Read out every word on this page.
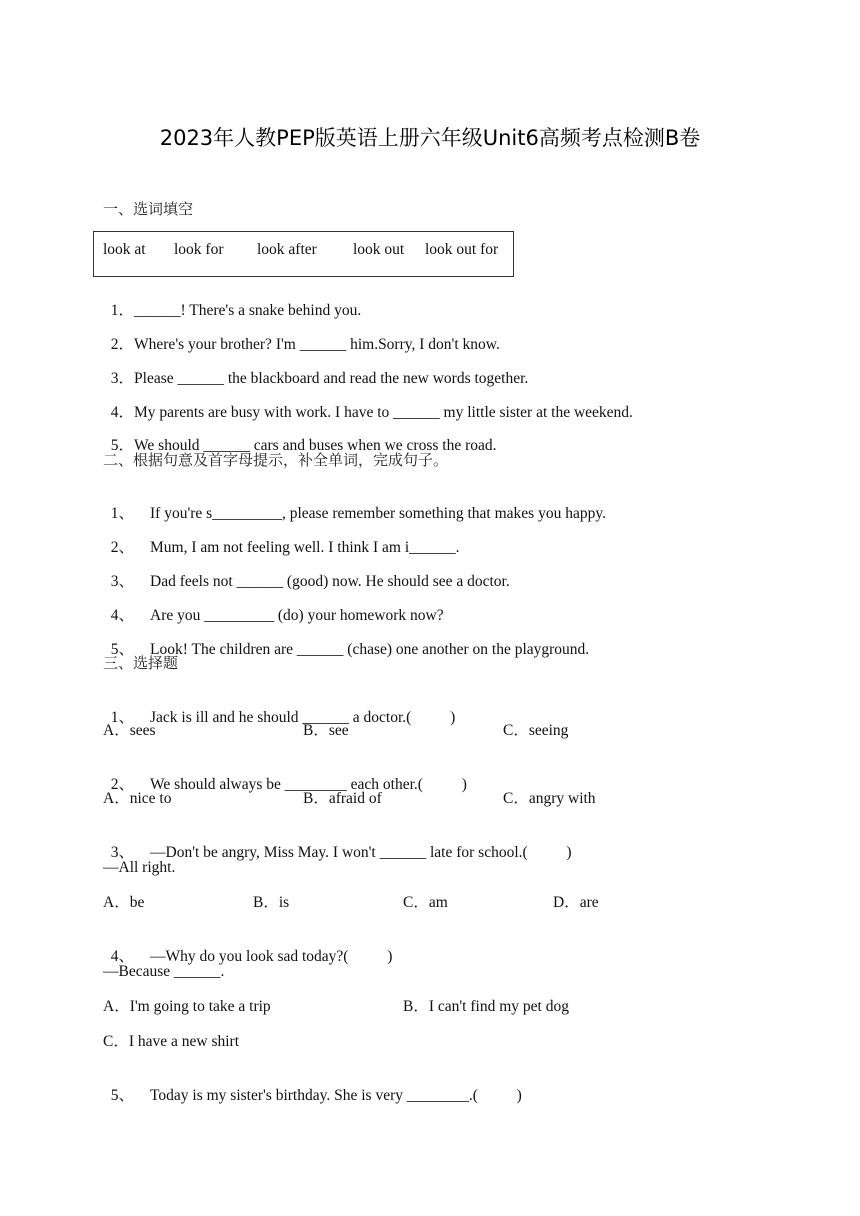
2023年人教PEP版英语上册六年级Unit6高频考点检测B卷
一、选词填空
look at look for look after look out look out for

1．______! There's a snake behind you.

2．Where's your brother? I'm ______ him.Sorry, I don't know.

3．Please ______ the blackboard and read the new words together.

4．My parents are busy with work. I have to ______ my little sister at the weekend.

5．We should ______ cars and buses when we cross the road.

二、根据句意及首字母提示，补全单词，完成句子。

1、 If you're s_________, please remember something that makes you happy.

2、 Mum, I am not feeling well. I think I am i______.

3、 Dad feels not ______ (good) now. He should see a doctor.

4、 Are you _________ (do) your homework now?

5、 Look! The children are ______ (chase) one another on the playground.

三、选择题

1、 Jack is ill and he should ______ a doctor.(          )

A．sees	B．see	C．seeing

2、 We should always be ________ each other.(          )

A．nice to	B．afraid of	C．angry with

3、 —Don't be angry, Miss May. I won't ______ late for school.(          )

—All right.
A．be	B．is	C．am	D．are

4、 —Why do you look sad today?(          )

—Because ______.
A．I'm going to take a trip	B．I can't find my pet dog
C．I have a new shirt

5、 Today is my sister's birthday. She is very ________.(          )
